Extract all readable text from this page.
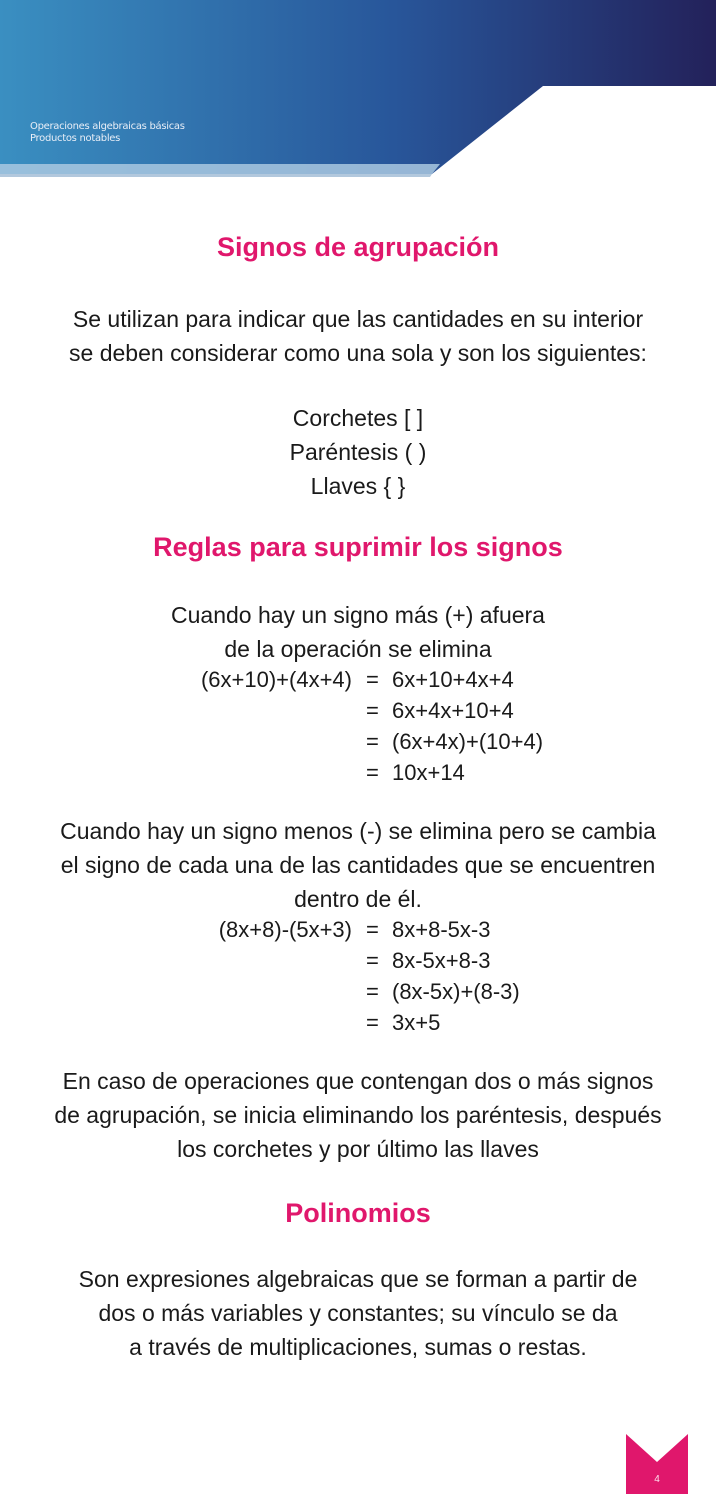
Operaciones algebraicas básicas
Productos notables
Signos de agrupación
Se utilizan para indicar que las cantidades en su interior
se deben considerar como una sola y son los siguientes:
Corchetes [ ]
Paréntesis ( )
Llaves { }
Reglas para suprimir los signos
Cuando hay un signo más (+) afuera
de la operación se elimina
(6x+10)+(4x+4) = 6x+10+4x+4
= 6x+4x+10+4
= (6x+4x)+(10+4)
= 10x+14
Cuando hay un signo menos (-) se elimina pero se cambia
el signo de cada una de las cantidades que se encuentren
dentro de él.
(8x+8)-(5x+3) = 8x+8-5x-3
= 8x-5x+8-3
= (8x-5x)+(8-3)
= 3x+5
En caso de operaciones que contengan dos o más signos
de agrupación, se inicia eliminando los paréntesis, después
los corchetes y por último las llaves
Polinomios
Son expresiones algebraicas que se forman a partir de
dos o más variables y constantes; su vínculo se da
a través de multiplicaciones, sumas o restas.
4
